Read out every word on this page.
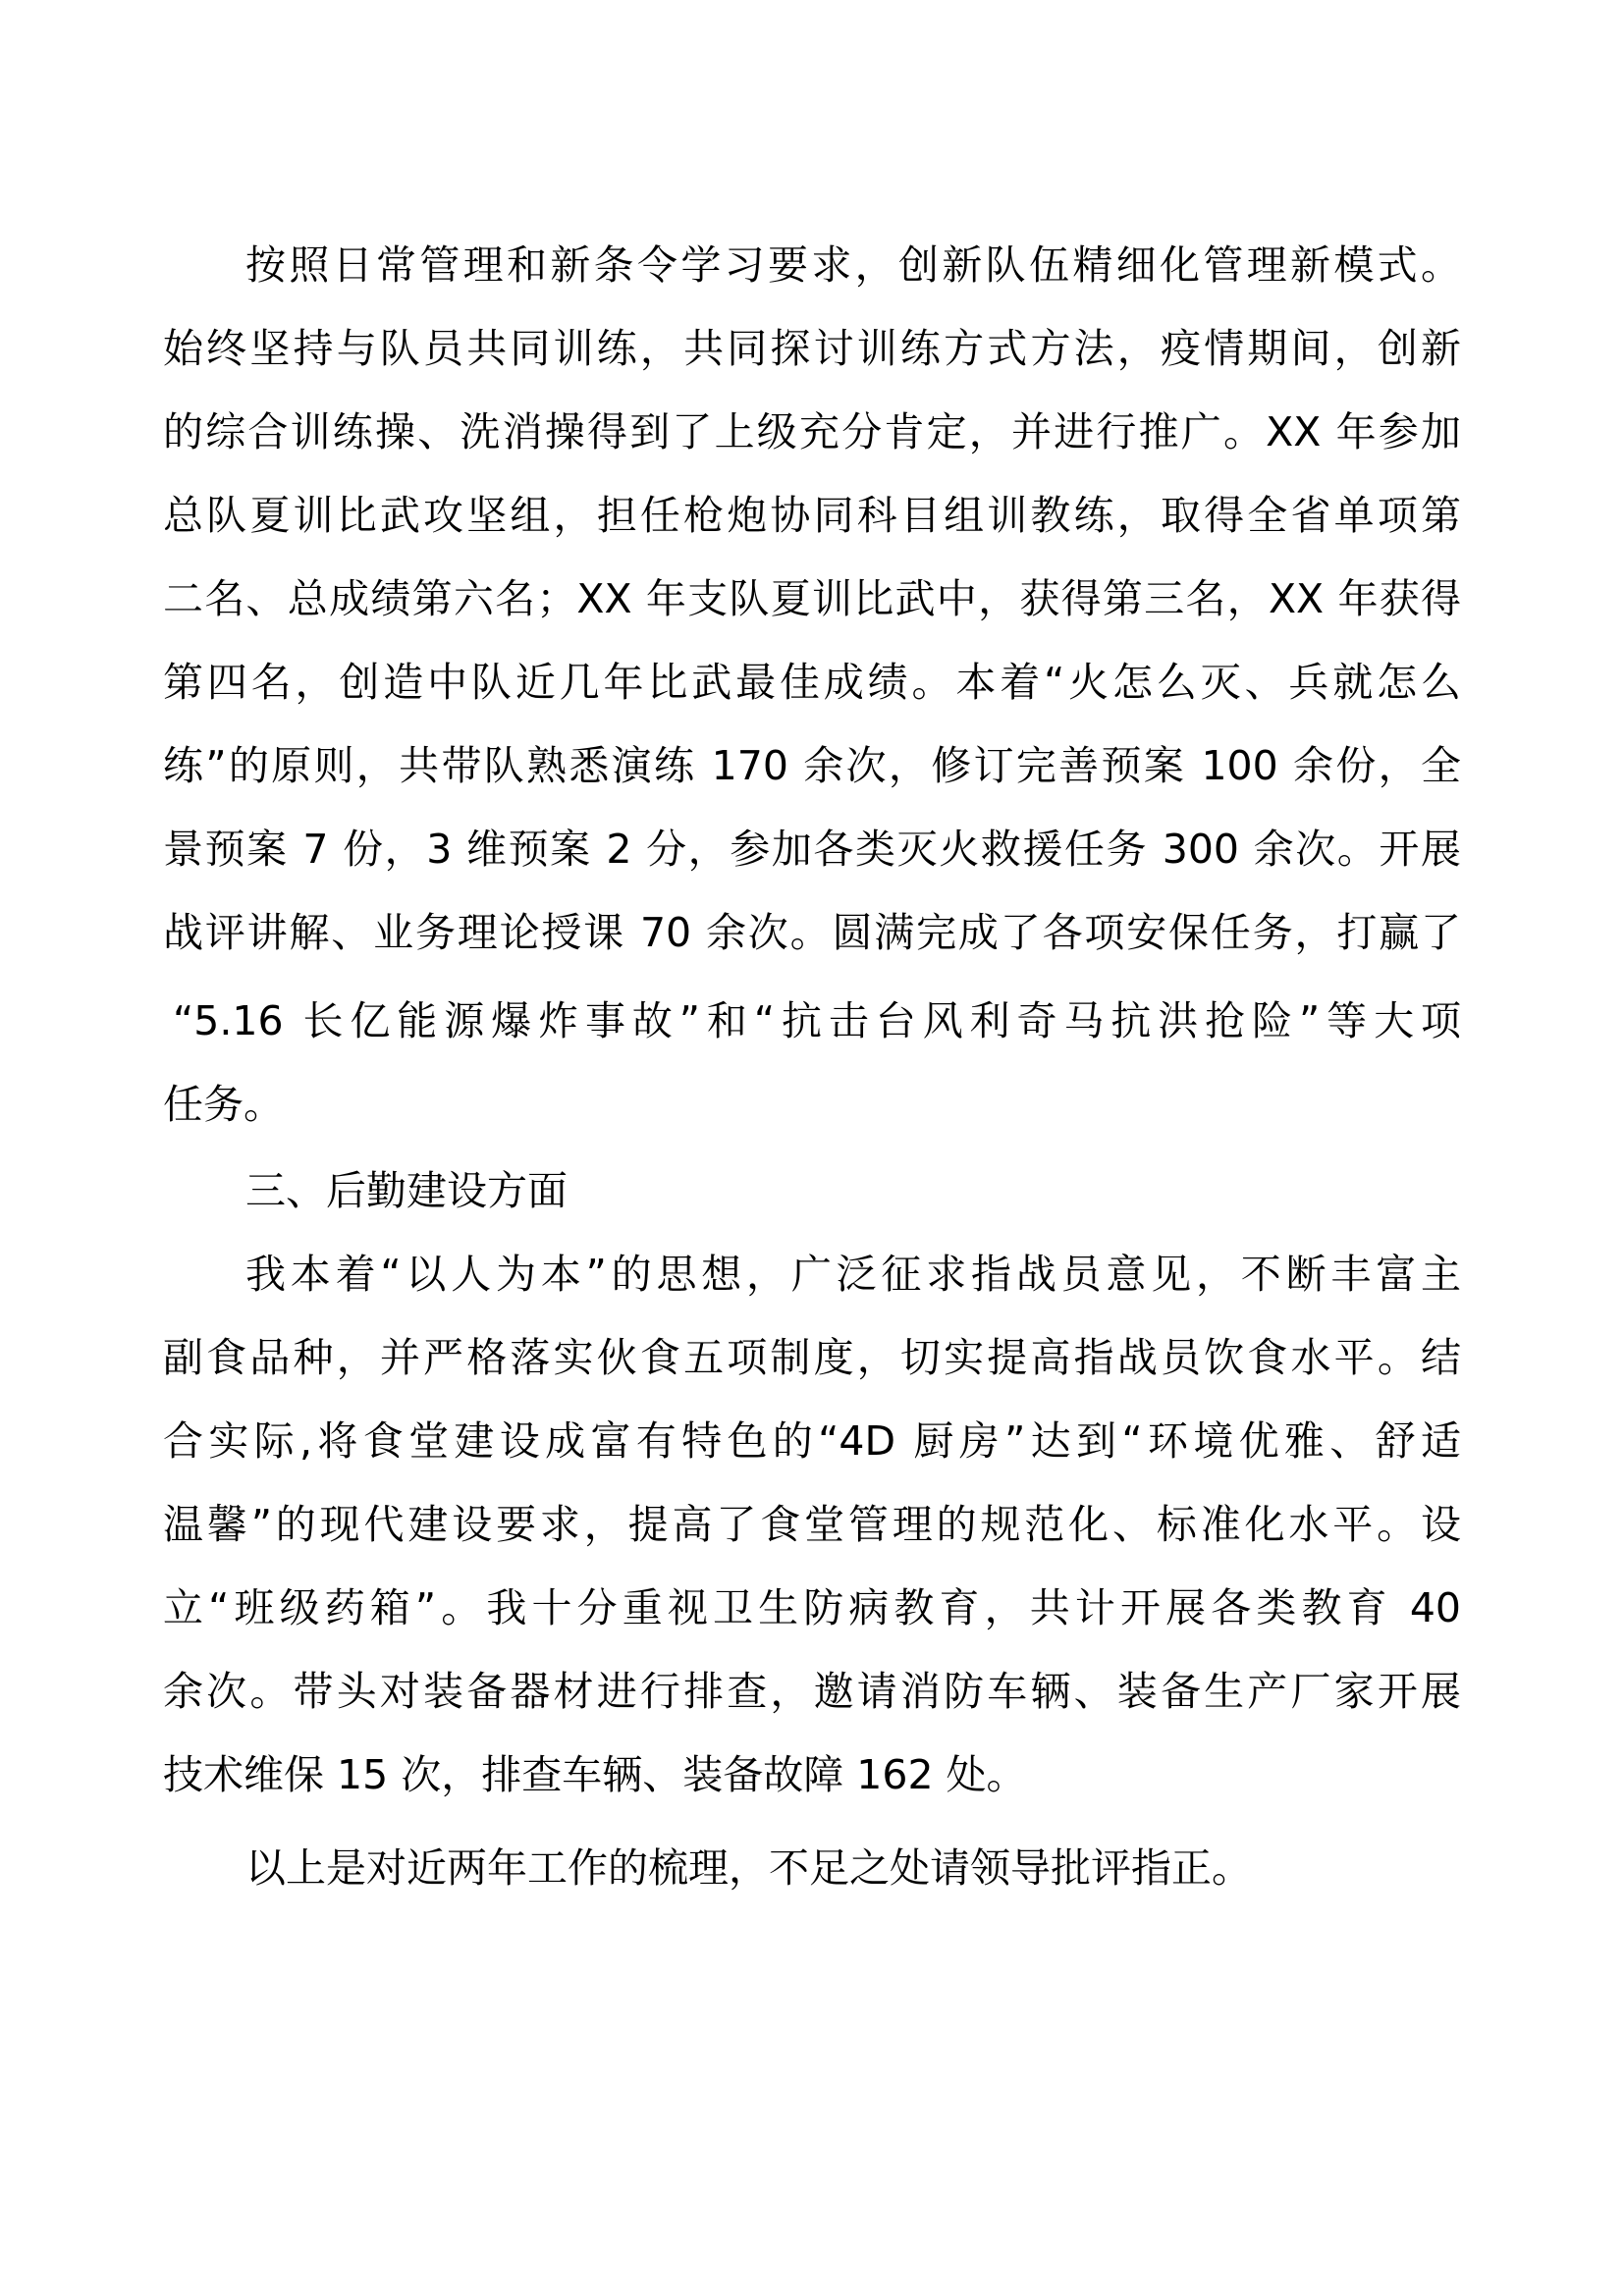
按照日常管理和新条令学习要求，创新队伍精细化管理新模式。
始终坚持与队员共同训练，共同探讨训练方式方法，疫情期间，创新
的综合训练操、洗消操得到了上级充分肯定，并进行推广。XX 年参加
总队夏训比武攻坚组，担任枪炮协同科目组训教练，取得全省单项第
二名、总成绩第六名；XX 年支队夏训比武中，获得第三名，XX 年获得
第四名，创造中队近几年比武最佳成绩。本着“火怎么灭、兵就怎么
练”的原则，共带队熟悉演练 170 余次，修订完善预案 100 余份，全
景预案 7 份，3 维预案 2 分，参加各类灭火救援任务 300 余次。开展
战评讲解、业务理论授课 70 余次。圆满完成了各项安保任务，打赢了
“5.16 长亿能源爆炸事故”和“抗击台风利奇马抗洪抢险”等大项
任务。
三、后勤建设方面
我本着“以人为本”的思想，广泛征求指战员意见，不断丰富主
副食品种，并严格落实伙食五项制度，切实提高指战员饮食水平。结
合实际,将食堂建设成富有特色的“4D 厨房”达到“环境优雅、舒适
温馨”的现代建设要求，提高了食堂管理的规范化、标准化水平。设
立“班级药箱”。我十分重视卫生防病教育，共计开展各类教育 40
余次。带头对装备器材进行排查，邀请消防车辆、装备生产厂家开展
技术维保 15 次，排查车辆、装备故障 162 处。
以上是对近两年工作的梳理，不足之处请领导批评指正。
